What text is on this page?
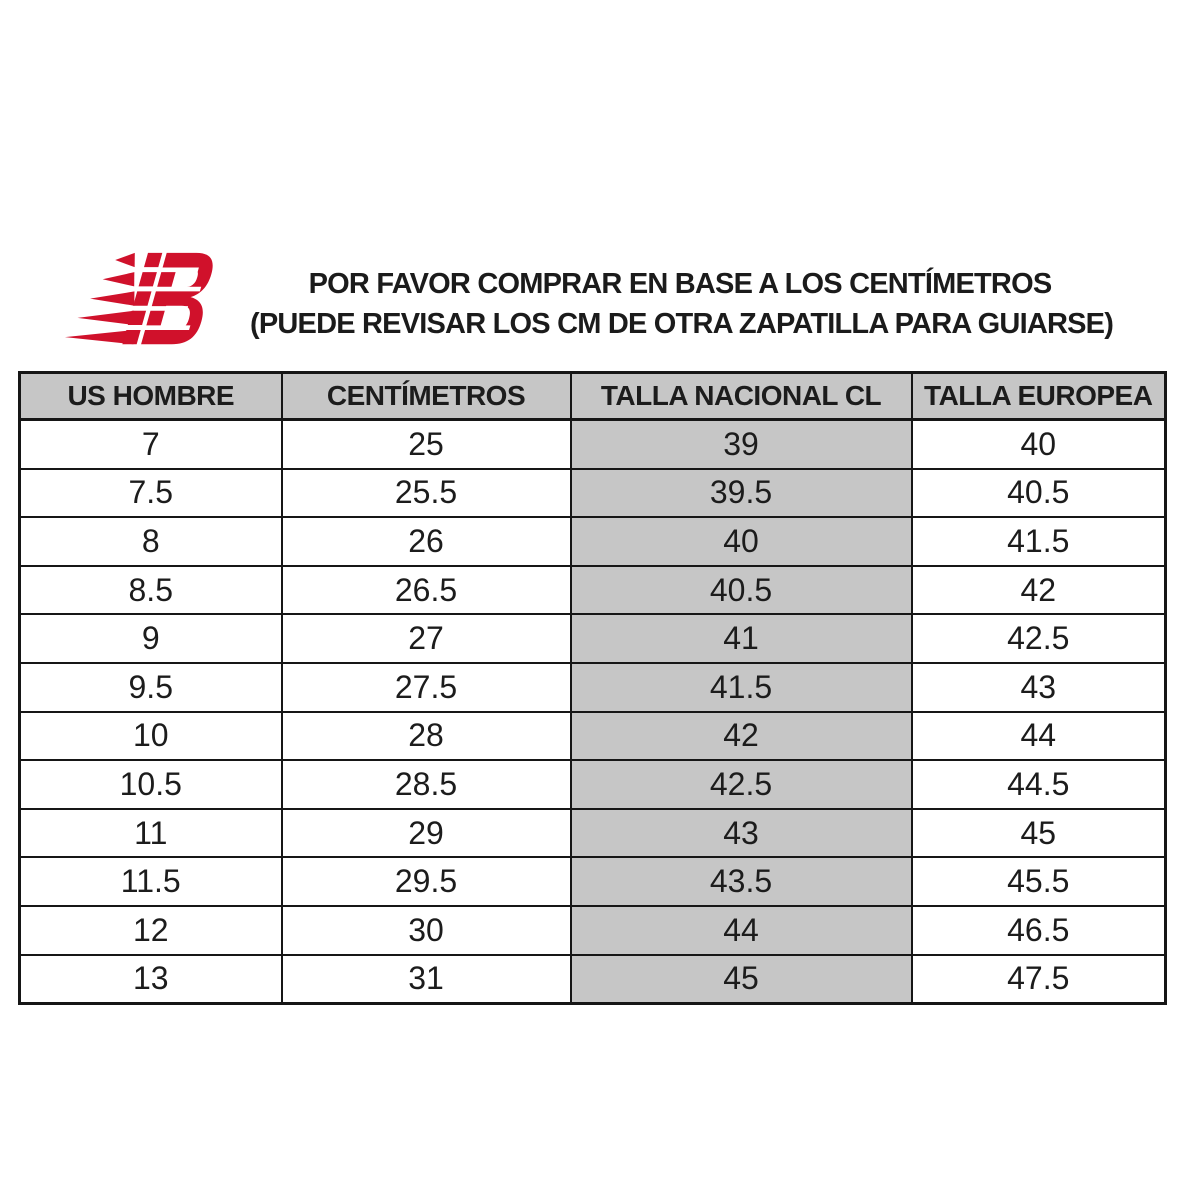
POR FAVOR COMPRAR EN BASE A LOS CENTÍMETROS
(PUEDE REVISAR LOS CM DE OTRA ZAPATILLA PARA GUIARSE)
US HOMBRE	CENTÍMETROS	TALLA NACIONAL CL	TALLA EUROPEA
7	25	39	40
7.5	25.5	39.5	40.5
8	26	40	41.5
8.5	26.5	40.5	42
9	27	41	42.5
9.5	27.5	41.5	43
10	28	42	44
10.5	28.5	42.5	44.5
11	29	43	45
11.5	29.5	43.5	45.5
12	30	44	46.5
13	31	45	47.5
